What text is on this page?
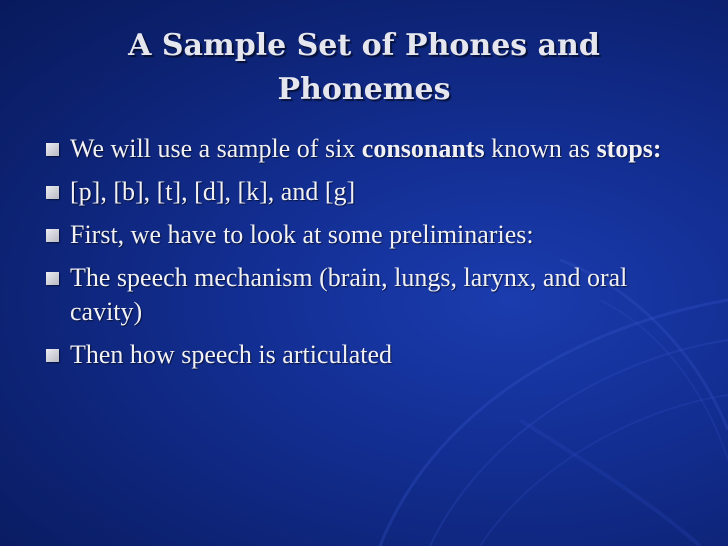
A Sample Set of Phones and
Phonemes
We will use a sample of six consonants known as stops:
[p], [b], [t], [d], [k], and [g]
First, we have to look at some preliminaries:
The speech mechanism (brain, lungs, larynx, and oral cavity)
Then how speech is articulated
